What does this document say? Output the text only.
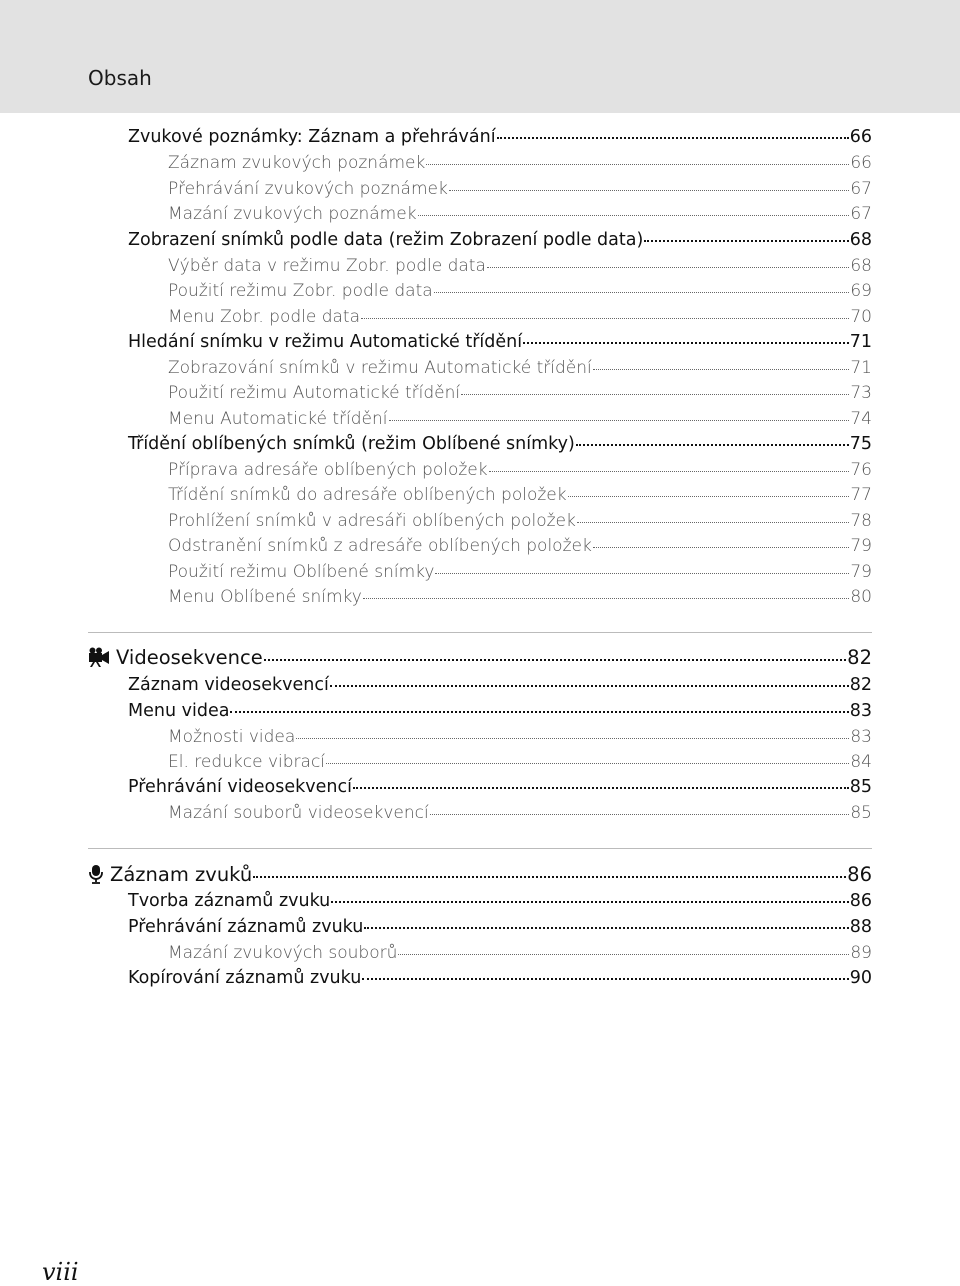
Obsah
Zvukové poznámky: Záznam a přehrávání	66
Záznam zvukových poznámek	66
Přehrávání zvukových poznámek	67
Mazání zvukových poznámek	67
Zobrazení snímků podle data (režim Zobrazení podle data)	68
Výběr data v režimu Zobr. podle data	68
Použití režimu Zobr. podle data	69
Menu Zobr. podle data	70
Hledání snímku v režimu Automatické třídění	71
Zobrazování snímků v režimu Automatické třídění	71
Použití režimu Automatické třídění	73
Menu Automatické třídění	74
Třídění oblíbených snímků (režim Oblíbené snímky)	75
Příprava adresáře oblíbených položek	76
Třídění snímků do adresáře oblíbených položek	77
Prohlížení snímků v adresáři oblíbených položek	78
Odstranění snímků z adresáře oblíbených položek	79
Použití režimu Oblíbené snímky	79
Menu Oblíbené snímky	80
Videosekvence	82
Záznam videosekvencí	82
Menu videa	83
Možnosti videa	83
El. redukce vibrací	84
Přehrávání videosekvencí	85
Mazání souborů videosekvencí	85
Záznam zvuků	86
Tvorba záznamů zvuku	86
Přehrávání záznamů zvuku	88
Mazání zvukových souborů	89
Kopírování záznamů zvuku	90
viii
